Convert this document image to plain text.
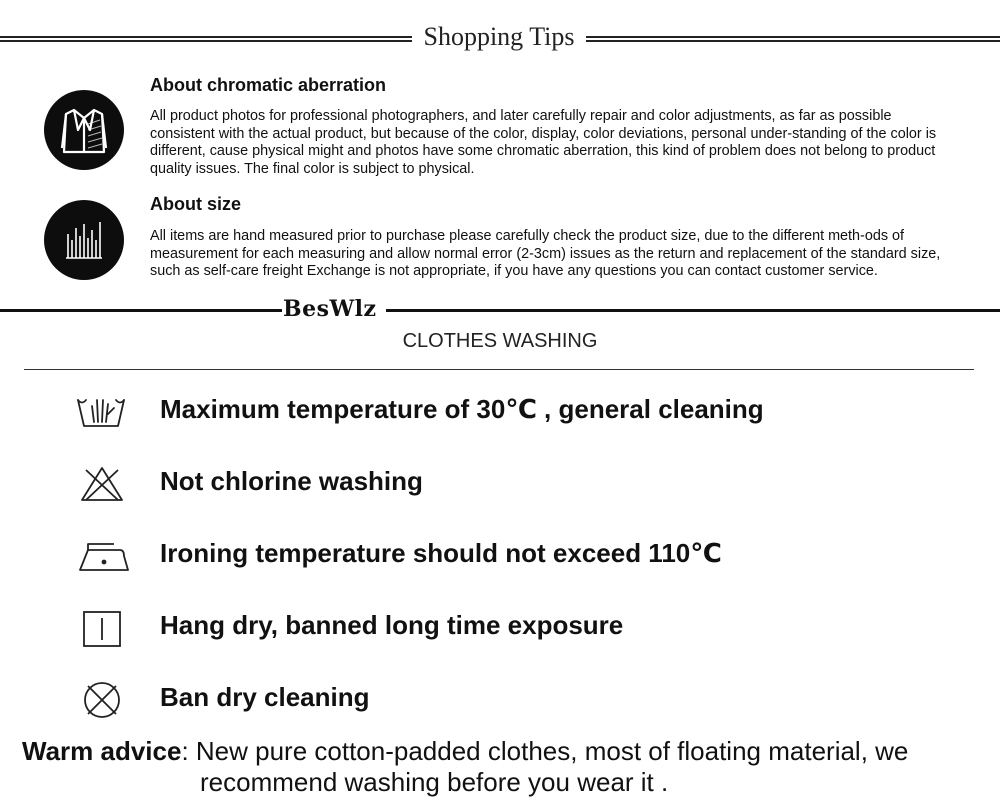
Shopping Tips
About chromatic aberration
All product photos for professional photographers, and later carefully repair and color adjustments, as far as possible consistent with the actual product, but because of the color, display, color deviations, personal under-standing of the color is different, cause physical might and photos have some chromatic aberration, this kind of problem does not belong to product quality issues. The final color is subject to physical.
About size
All items are hand measured prior to purchase please carefully check the product size, due to the different meth-ods of measurement for each measuring and allow normal error (2-3cm) issues as the return and replacement of the standard size, such as self-care freight Exchange is not appropriate, if you have any questions you can contact customer service.
BesWlz
CLOTHES WASHING
Maximum temperature of 30℃ , general cleaning
Not chlorine washing
Ironing temperature should not exceed 110℃
Hang dry, banned long time exposure
Ban dry cleaning
Warm advice: New pure cotton-padded clothes, most of floating material, we
recommend washing before you wear it .
